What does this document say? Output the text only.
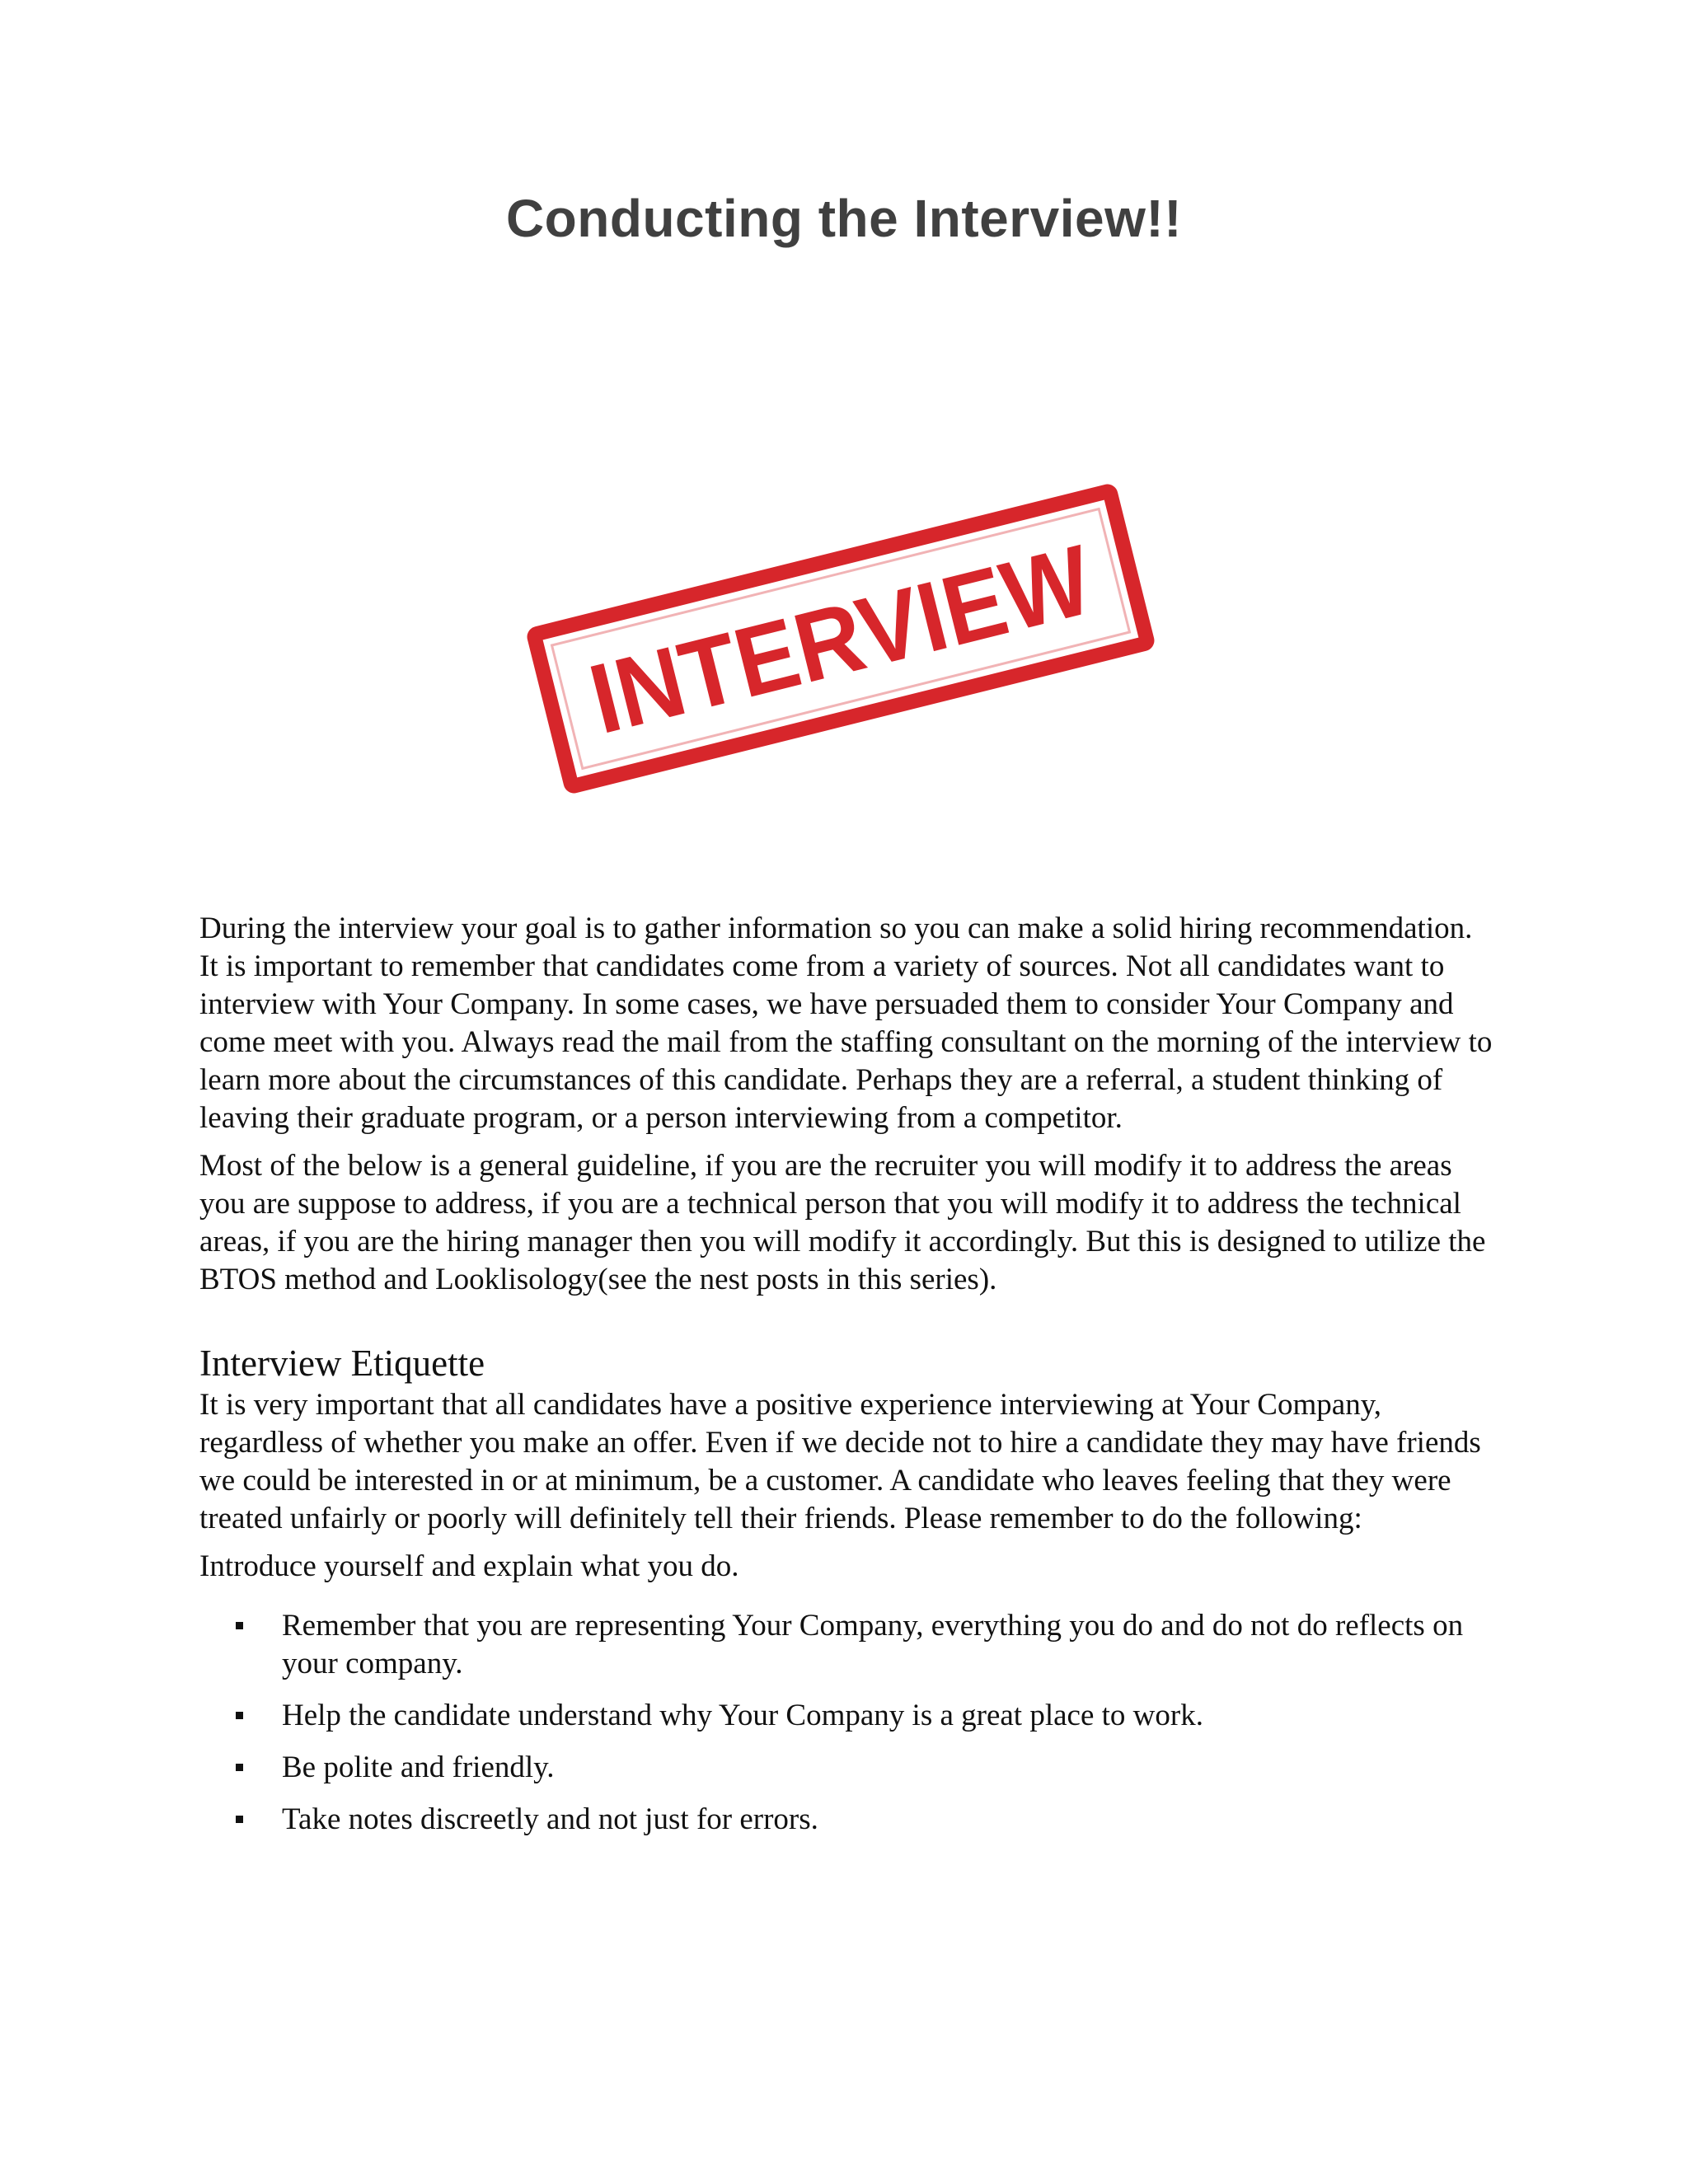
Conducting the Interview!!
INTERVIEW

During the interview your goal is to gather information so you can make a solid hiring recommendation. It is important to remember that candidates come from a variety of sources. Not all candidates want to interview with Your Company. In some cases, we have persuaded them to consider Your Company and come meet with you. Always read the mail from the staffing consultant on the morning of the interview to learn more about the circumstances of this candidate. Perhaps they are a referral, a student thinking of leaving their graduate program, or a person interviewing from a competitor.

Most of the below is a general guideline, if you are the recruiter you will modify it to address the areas you are suppose to address, if you are a technical person that you will modify it to address the technical areas, if you are the hiring manager then you will modify it accordingly. But this is designed to utilize the BTOS method and Looklisology(see the nest posts in this series).

Interview Etiquette

It is very important that all candidates have a positive experience interviewing at Your Company, regardless of whether you make an offer. Even if we decide not to hire a candidate they may have friends we could be interested in or at minimum, be a customer. A candidate who leaves feeling that they were treated unfairly or poorly will definitely tell their friends. Please remember to do the following:

Introduce yourself and explain what you do.

Remember that you are representing Your Company, everything you do and do not do reflects on your company.
Help the candidate understand why Your Company is a great place to work.
Be polite and friendly.
Take notes discreetly and not just for errors.
